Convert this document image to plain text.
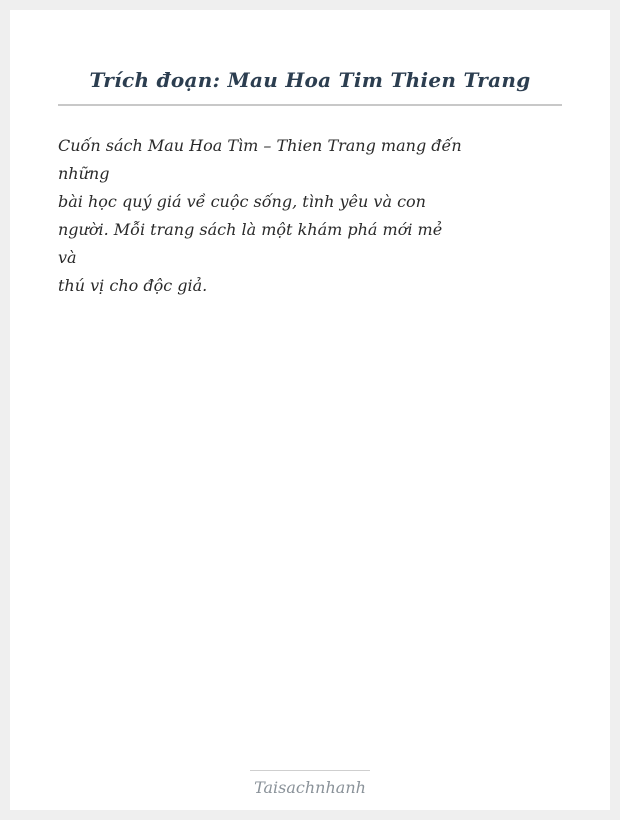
Trích đoạn: Mau Hoa Tim Thien Trang
Cuốn sách Mau Hoa Tìm – Thien Trang mang đến
những
bài học quý giá về cuộc sống, tình yêu và con
người. Mỗi trang sách là một khám phá mới mẻ
và
thú vị cho độc giả.
Taisachnhanh
